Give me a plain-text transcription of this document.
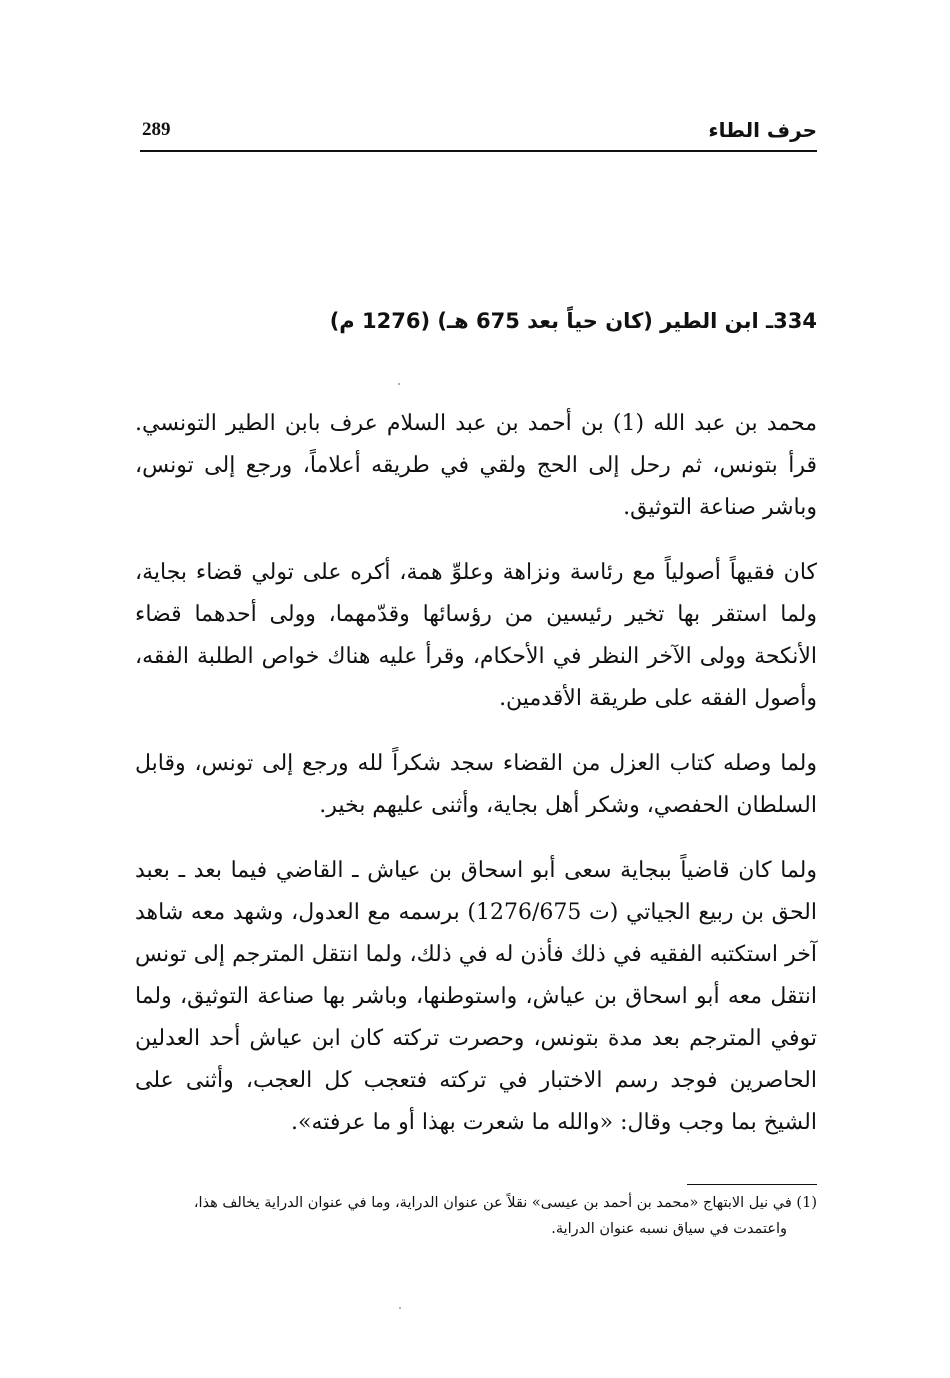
حرف الطاء
289
334ـ ابن الطير (كان حياً بعد 675 هـ) (1276 م)

محمد بن عبد الله (1) بن أحمد بن عبد السلام عرف بابن الطير التونسي. قرأ بتونس، ثم رحل إلى الحج ولقي في طريقه أعلاماً، ورجع إلى تونس، وباشر صناعة التوثيق.

كان فقيهاً أصولياً مع رئاسة ونزاهة وعلوِّ همة، أكره على تولي قضاء بجاية، ولما استقر بها تخير رئيسين من رؤسائها وقدّمهما، وولى أحدهما قضاء الأنكحة وولى الآخر النظر في الأحكام، وقرأ عليه هناك خواص الطلبة الفقه، وأصول الفقه على طريقة الأقدمين.

ولما وصله كتاب العزل من القضاء سجد شكراً لله ورجع إلى تونس، وقابل السلطان الحفصي، وشكر أهل بجاية، وأثنى عليهم بخير.

ولما كان قاضياً ببجاية سعى أبو اسحاق بن عياش ـ القاضي فيما بعد ـ بعبد الحق بن ربيع الجياتي (ت 1276/675) برسمه مع العدول، وشهد معه شاهد آخر استكتبه الفقيه في ذلك فأذن له في ذلك، ولما انتقل المترجم إلى تونس انتقل معه أبو اسحاق بن عياش، واستوطنها، وباشر بها صناعة التوثيق، ولما توفي المترجم بعد مدة بتونس، وحصرت تركته كان ابن عياش أحد العدلين الحاصرين فوجد رسم الاختبار في تركته فتعجب كل العجب، وأثنى على الشيخ بما وجب وقال: «والله ما شعرت بهذا أو ما عرفته».

(1) في نيل الابتهاج «محمد بن أحمد بن عيسى» نقلاً عن عنوان الدراية، وما في عنوان الدراية يخالف هذا،
واعتمدت في سياق نسبه عنوان الدراية.
